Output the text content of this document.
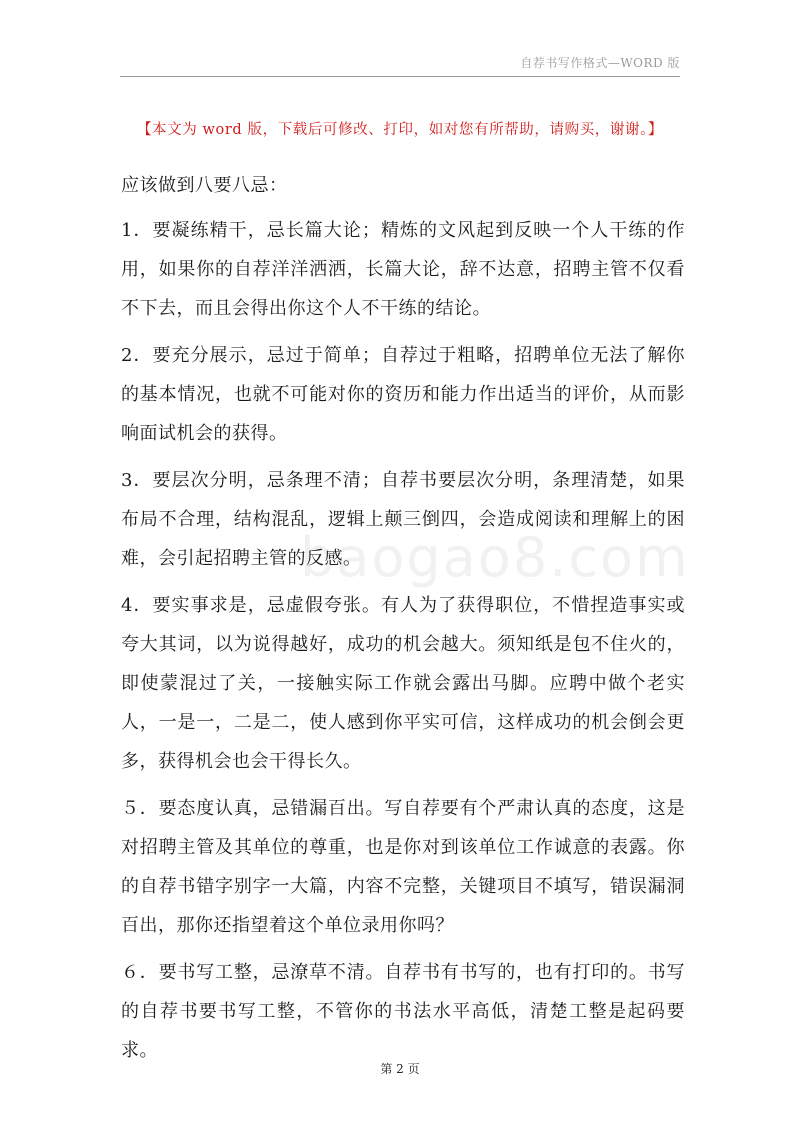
自荐书写作格式—WORD 版
【本文为 word 版，下载后可修改、打印，如对您有所帮助，请购买，谢谢。】

应该做到八要八忌：

1．要凝练精干，忌长篇大论；精炼的文风起到反映一个人干练的作用，如果你的自荐洋洋洒洒，长篇大论，辞不达意，招聘主管不仅看不下去，而且会得出你这个人不干练的结论。

2．要充分展示，忌过于简单；自荐过于粗略，招聘单位无法了解你的基本情况，也就不可能对你的资历和能力作出适当的评价，从而影响面试机会的获得。

3．要层次分明，忌条理不清；自荐书要层次分明，条理清楚，如果布局不合理，结构混乱，逻辑上颠三倒四，会造成阅读和理解上的困难，会引起招聘主管的反感。

4．要实事求是，忌虚假夸张。有人为了获得职位，不惜捏造事实或夸大其词，以为说得越好，成功的机会越大。须知纸是包不住火的，即使蒙混过了关，一接触实际工作就会露出马脚。应聘中做个老实人，一是一，二是二，使人感到你平实可信，这样成功的机会倒会更多，获得机会也会干得长久。

５．要态度认真，忌错漏百出。写自荐要有个严肃认真的态度，这是对招聘主管及其单位的尊重，也是你对到该单位工作诚意的表露。你的自荐书错字别字一大篇，内容不完整，关键项目不填写，错误漏洞百出，那你还指望着这个单位录用你吗？

６．要书写工整，忌潦草不清。自荐书有书写的，也有打印的。书写的自荐书要书写工整，不管你的书法水平高低，清楚工整是起码要求。

baogao8.com
第 2 页
